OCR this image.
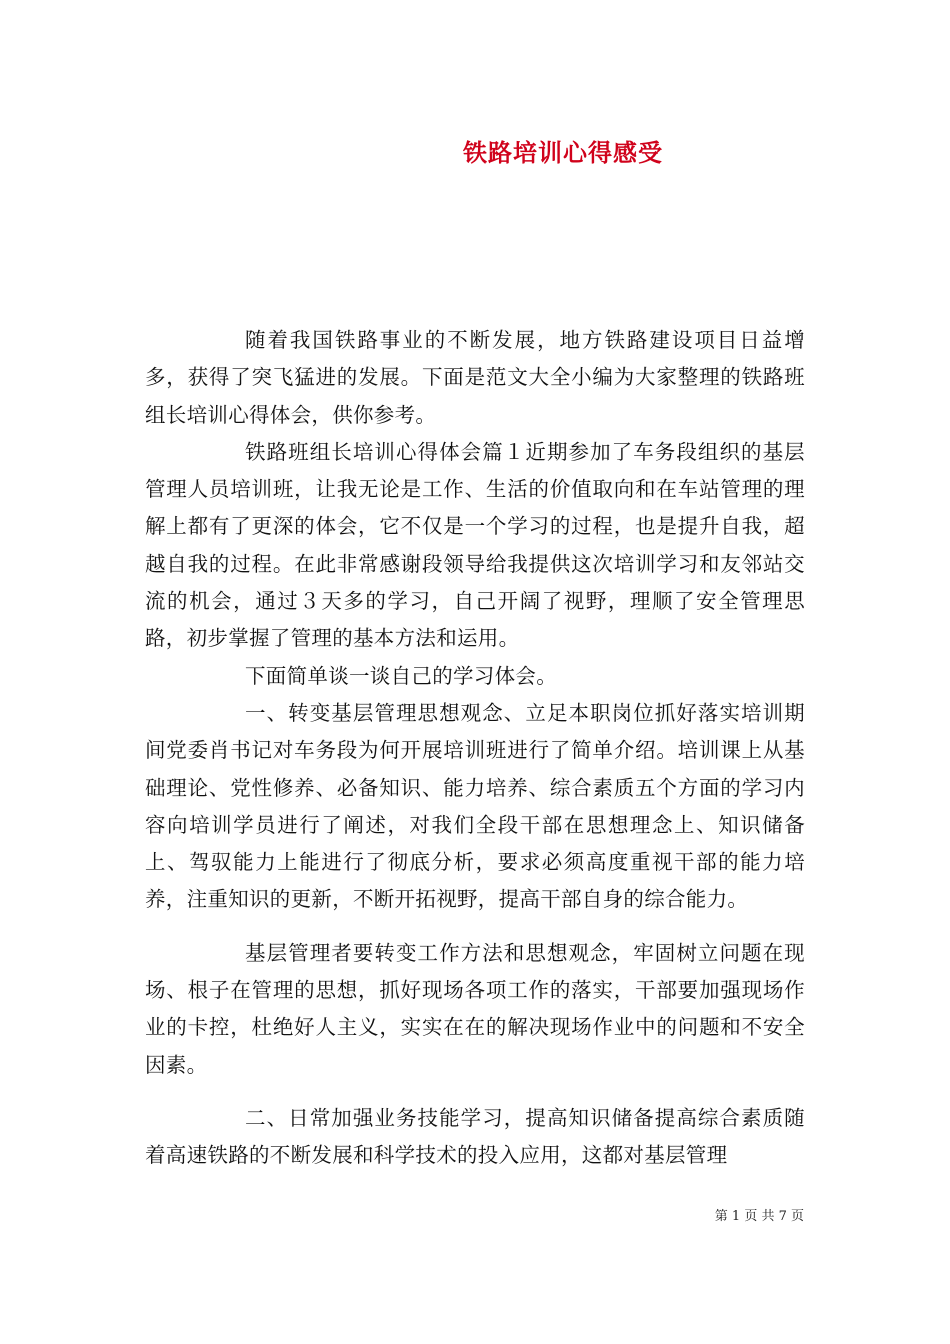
铁路培训心得感受

随着我国铁路事业的不断发展，地方铁路建设项目日益增多，获得了突飞猛进的发展。下面是范文大全小编为大家整理的铁路班组长培训心得体会，供你参考。

铁路班组长培训心得体会篇１近期参加了车务段组织的基层管理人员培训班，让我无论是工作、生活的价值取向和在车站管理的理解上都有了更深的体会，它不仅是一个学习的过程，也是提升自我，超越自我的过程。在此非常感谢段领导给我提供这次培训学习和友邻站交流的机会，通过３天多的学习，自己开阔了视野，理顺了安全管理思路，初步掌握了管理的基本方法和运用。

下面简单谈一谈自己的学习体会。

一、转变基层管理思想观念、立足本职岗位抓好落实培训期间党委肖书记对车务段为何开展培训班进行了简单介绍。培训课上从基础理论、党性修养、必备知识、能力培养、综合素质五个方面的学习内容向培训学员进行了阐述，对我们全段干部在思想理念上、知识储备上、驾驭能力上能进行了彻底分析，要求必须高度重视干部的能力培养，注重知识的更新，不断开拓视野，提高干部自身的综合能力。

基层管理者要转变工作方法和思想观念，牢固树立问题在现场、根子在管理的思想，抓好现场各项工作的落实，干部要加强现场作业的卡控，杜绝好人主义，实实在在的解决现场作业中的问题和不安全因素。

二、日常加强业务技能学习，提高知识储备提高综合素质随着高速铁路的不断发展和科学技术的投入应用，这都对基层管理

第 1 页 共 7 页
